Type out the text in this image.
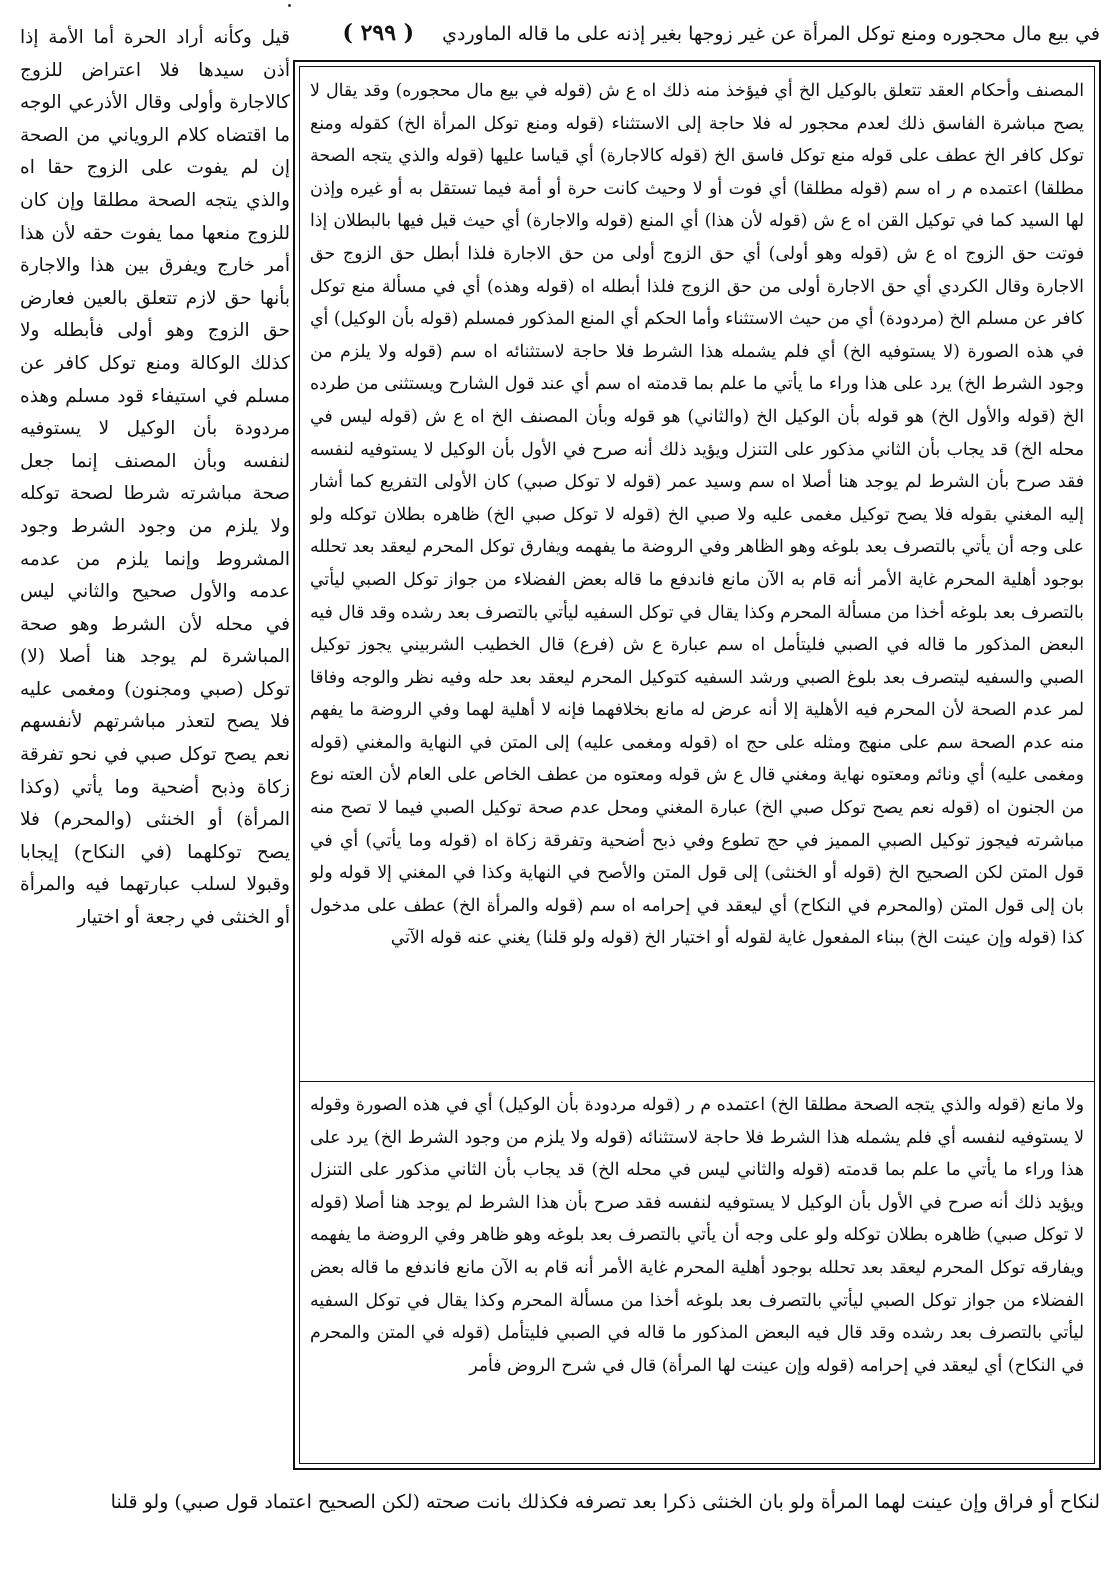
في بيع مال محجوره ومنع توكل المرأة عن غير زوجها بغير إذنه على ما قاله الماوردي ( ٢٩٩ )

قيل وكأنه أراد الحرة أما الأمة إذا أذن سيدها فلا اعتراض للزوج كالاجارة وأولى وقال الأذرعي الوجه ما اقتضاه كلام الروياني من الصحة إن لم يفوت على الزوج حقا اه والذي يتجه الصحة مطلقا وإن كان للزوج منعها مما يفوت حقه لأن هذا أمر خارج ويفرق بين هذا والاجارة بأنها حق لازم تتعلق بالعين فعارض حق الزوج وهو أولى فأبطله ولا كذلك الوكالة ومنع توكل كافر عن مسلم في استيفاء قود مسلم وهذه مردودة بأن الوكيل لا يستوفيه لنفسه وبأن المصنف إنما جعل صحة مباشرته شرطا لصحة توكله ولا يلزم من وجود الشرط وجود المشروط وإنما يلزم من عدمه عدمه والأول صحيح والثاني ليس في محله لأن الشرط وهو صحة المباشرة لم يوجد هنا أصلا (لا) توكل (صبي ومجنون) ومغمى عليه فلا يصح لتعذر مباشرتهم لأنفسهم نعم يصح توكل صبي في نحو تفرقة زكاة وذبح أضحية وما يأتي (وكذا المرأة) أو الخنثى (والمحرم) فلا يصح توكلهما (في النكاح) إيجابا وقبولا لسلب عبارتهما فيه والمرأة أو الخنثى في رجعة أو اختيار

المصنف وأحكام العقد تتعلق بالوكيل الخ أي فيؤخذ منه ذلك اه ع ش (قوله في بيع مال محجوره) وقد يقال لا يصح مباشرة الفاسق ذلك لعدم محجور له فلا حاجة إلى الاستثناء (قوله ومنع توكل المرأة الخ) كقوله ومنع توكل كافر الخ عطف على قوله منع توكل فاسق الخ (قوله كالاجارة) أي قياسا عليها (قوله والذي يتجه الصحة مطلقا) اعتمده م ر اه سم (قوله مطلقا) أي فوت أو لا وحيث كانت حرة أو أمة فيما تستقل به أو غيره وإذن لها السيد كما في توكيل القن اه ع ش (قوله لأن هذا) أي المنع (قوله والاجارة) أي حيث قيل فيها بالبطلان إذا فوتت حق الزوج اه ع ش (قوله وهو أولى) أي حق الزوج أولى من حق الاجارة فلذا أبطل حق الزوج حق الاجارة وقال الكردي أي حق الاجارة أولى من حق الزوج فلذا أبطله اه (قوله وهذه) أي في مسألة منع توكل كافر عن مسلم الخ (مردودة) أي من حيث الاستثناء وأما الحكم أي المنع المذكور فمسلم (قوله بأن الوكيل) أي في هذه الصورة (لا يستوفيه الخ) أي فلم يشمله هذا الشرط فلا حاجة لاستثنائه اه سم (قوله ولا يلزم من وجود الشرط الخ) يرد على هذا وراء ما يأتي ما علم بما قدمته اه سم أي عند قول الشارح ويستثنى من طرده الخ (قوله والأول الخ) هو قوله بأن الوكيل الخ (والثاني) هو قوله وبأن المصنف الخ اه ع ش (قوله ليس في محله الخ) قد يجاب بأن الثاني مذكور على التنزل ويؤيد ذلك أنه صرح في الأول بأن الوكيل لا يستوفيه لنفسه فقد صرح بأن الشرط لم يوجد هنا أصلا اه سم وسيد عمر (قوله لا توكل صبي) كان الأولى التفريع كما أشار إليه المغني بقوله فلا يصح توكيل مغمى عليه ولا صبي الخ (قوله لا توكل صبي الخ) ظاهره بطلان توكله ولو على وجه أن يأتي بالتصرف بعد بلوغه وهو الظاهر وفي الروضة ما يفهمه ويفارق توكل المحرم ليعقد بعد تحلله بوجود أهلية المحرم غاية الأمر أنه قام به الآن مانع فاندفع ما قاله بعض الفضلاء من جواز توكل الصبي ليأتي بالتصرف بعد بلوغه أخذا من مسألة المحرم وكذا يقال في توكل السفيه ليأتي بالتصرف بعد رشده وقد قال فيه البعض المذكور ما قاله في الصبي فليتأمل اه سم عبارة ع ش (فرع) قال الخطيب الشربيني يجوز توكيل الصبي والسفيه ليتصرف بعد بلوغ الصبي ورشد السفيه كتوكيل المحرم ليعقد بعد حله وفيه نظر والوجه وفاقا لمر عدم الصحة لأن المحرم فيه الأهلية إلا أنه عرض له مانع بخلافهما فإنه لا أهلية لهما وفي الروضة ما يفهم منه عدم الصحة سم على منهج ومثله على حج اه (قوله ومغمى عليه) إلى المتن في النهاية والمغني (قوله ومغمى عليه) أي ونائم ومعتوه نهاية ومغني قال ع ش قوله ومعتوه من عطف الخاص على العام لأن العته نوع من الجنون اه (قوله نعم يصح توكل صبي الخ) عبارة المغني ومحل عدم صحة توكيل الصبي فيما لا تصح منه مباشرته فيجوز توكيل الصبي المميز في حج تطوع وفي ذبح أضحية وتفرقة زكاة اه (قوله وما يأتي) أي في قول المتن لكن الصحيح الخ (قوله أو الخنثى) إلى قول المتن والأصح في النهاية وكذا في المغني إلا قوله ولو بان إلى قول المتن (والمحرم في النكاح) أي ليعقد في إحرامه اه سم (قوله والمرأة الخ) عطف على مدخول كذا (قوله وإن عينت الخ) ببناء المفعول غاية لقوله أو اختيار الخ (قوله ولو قلنا) يغني عنه قوله الآتي

ولا مانع (قوله والذي يتجه الصحة مطلقا الخ) اعتمده م ر (قوله مردودة بأن الوكيل) أي في هذه الصورة وقوله لا يستوفيه لنفسه أي فلم يشمله هذا الشرط فلا حاجة لاستثنائه (قوله ولا يلزم من وجود الشرط الخ) يرد على هذا وراء ما يأتي ما علم بما قدمته (قوله والثاني ليس في محله الخ) قد يجاب بأن الثاني مذكور على التنزل ويؤيد ذلك أنه صرح في الأول بأن الوكيل لا يستوفيه لنفسه فقد صرح بأن هذا الشرط لم يوجد هنا أصلا (قوله لا توكل صبي) ظاهره بطلان توكله ولو على وجه أن يأتي بالتصرف بعد بلوغه وهو ظاهر وفي الروضة ما يفهمه ويفارقه توكل المحرم ليعقد بعد تحلله بوجود أهلية المحرم غاية الأمر أنه قام به الآن مانع فاندفع ما قاله بعض الفضلاء من جواز توكل الصبي ليأتي بالتصرف بعد بلوغه أخذا من مسألة المحرم وكذا يقال في توكل السفيه ليأتي بالتصرف بعد رشده وقد قال فيه البعض المذكور ما قاله في الصبي فليتأمل (قوله في المتن والمحرم في النكاح) أي ليعقد في إحرامه (قوله وإن عينت لها المرأة) قال في شرح الروض فأمر

لنكاح أو فراق وإن عينت لهما المرأة ولو بان الخنثى ذكرا بعد تصرفه فكذلك بانت صحته (لكن الصحيح اعتماد قول صبي) ولو قلنا
